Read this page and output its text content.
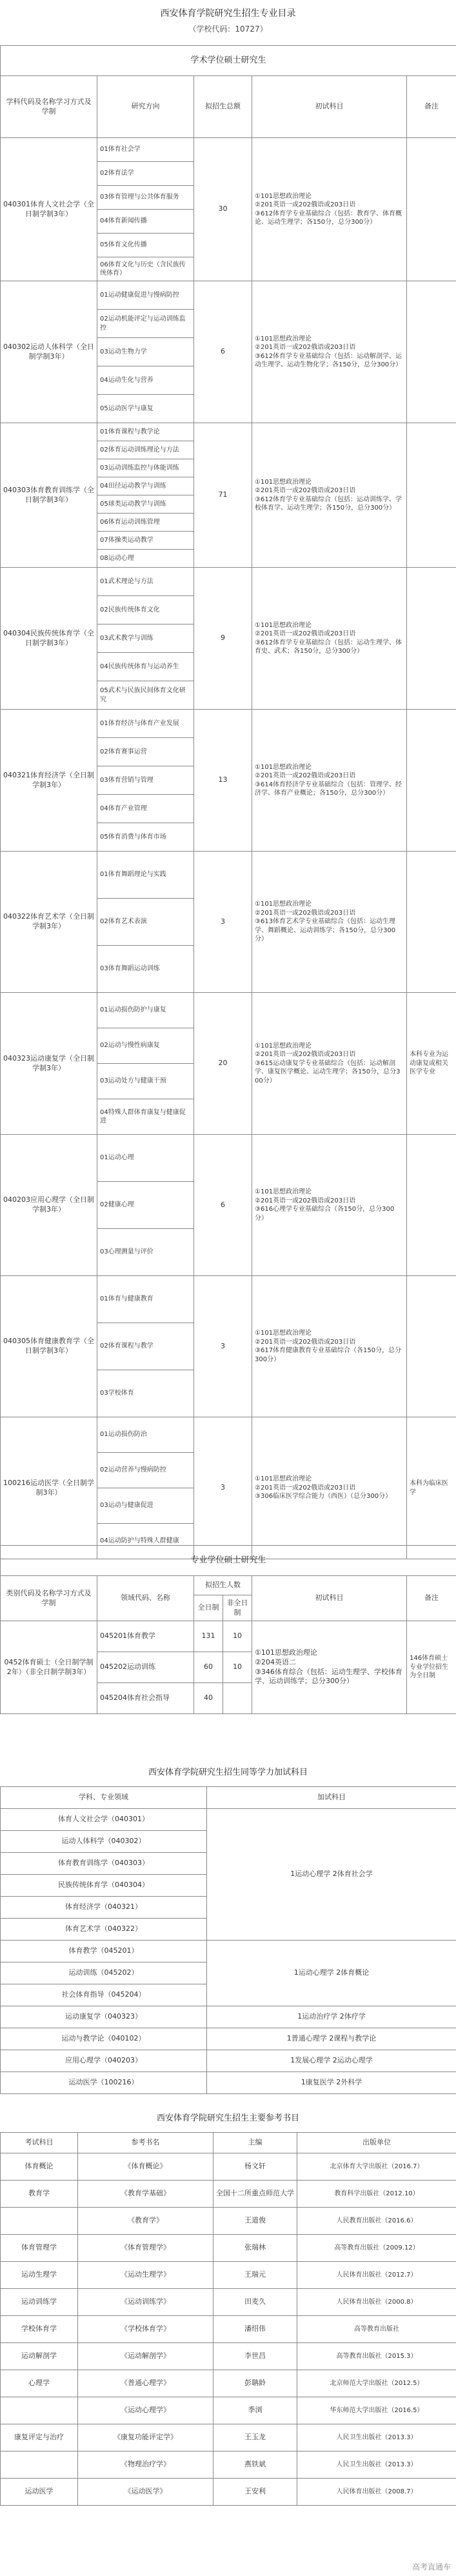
西安体育学院研究生招生专业目录
（学校代码：10727）
学术学位硕士研究生				
学科代码及名称学习方式及学制	研究方向	拟招生总额	初试科目	备注
040301体育人文社会学（全日制学制3年）	01体育社会学	30	①101思想政治理论
②201英语一或202俄语或203日语
③612体育学专业基础综合（包括：教育学、体育概论、运动生理学；各150分，总分300分）	

	02体育法学			
	03体育管理与公共体育服务			
	04体育新闻传播			
	05体育文化传播			
	06体育文化与历史（含民族传统体育）			
040302运动人体科学（全日制学制3年）	01运动健康促进与慢病防控	6	①101思想政治理论
②201英语一或202俄语或203日语
③612体育学专业基础综合（包括：运动解剖学、运动生理学、运动生物化学；各150分，总分300分）	

	02运动机能评定与运动训练监控			
	03运动生物力学			
	04运动生化与营养			
	05运动医学与康复			
040303体育教育训练学（全日制学制3年）	01体育课程与教学论	71	①101思想政治理论
②201英语一或202俄语或203日语
③612体育学专业基础综合（包括：运动训练学、学校体育学、运动生理学；各150分，总分300分）	

	02体育运动训练理论与方法			
	03运动训练监控与体能训练			
	04田径运动教学与训练			
	05球类运动教学与训练			
	06体育运动训练管理			
	07体操类运动教学			
	08运动心理			
040304民族传统体育学（全日制学制3年）	01武术理论与方法	9	①101思想政治理论
②201英语一或202俄语或203日语
③612体育学专业基础综合（包括：运动生理学、体育史、武术；各150分，总分300分）	

	02民族传统体育文化			
	03武术教学与训练			
	04民族传统体育与运动养生			
	05武术与民族民间体育文化研究			
040321体育经济学（全日制学制3年）	01体育经济与体育产业发展	13	①101思想政治理论
②201英语一或202俄语或203日语
③614体育经济学专业基础综合（包括：管理学、经济学、体育产业概论；各150分，总分300分）	

	02体育赛事运营			
	03体育营销与管理			
	04体育产业管理			
	05体育消费与体育市场			
040322体育艺术学（全日制学制3年）	01体育舞蹈理论与实践	3	①101思想政治理论
②201英语一或202俄语或203日语
③613体育艺术学专业基础综合（包括：运动生理学、舞蹈概论、运动训练学；各150分，总分300分）	

	02体育艺术表演			
	03体育舞蹈运动训练			
040323运动康复学（全日制学制3年）	01运动损伤防护与康复	20	①101思想政治理论
②201英语一或202俄语或203日语
③615运动康复学专业基础综合（包括：运动解剖学、康复医学概论、运动生理学；各150分，总分300分）	本科专业为运动康复或相关医学专业
	02运动与慢性病康复			
	03运动处方与健康干预			
	04特殊人群体育康复与健康促进			
040203应用心理学（全日制学制3年）	01运动心理	6	①101思想政治理论
②201英语一或202俄语或203日语
③616心理学专业基础综合（各150分，总分300分）	

	02健康心理			
	03心理测量与评价			
040305体育健康教育学（全日制学制3年）	01体育与健康教育	3	①101思想政治理论
②201英语一或202俄语或203日语
③617体育健康教育专业基础综合（各150分，总分300分）	

	02体育课程与教学			
	03学校体育			
100216运动医学（全日制学制3年）	01运动损伤防治	3	①101思想政治理论
②201英语一或202俄语或203日语
③306临床医学综合能力（西医）（总分300分）	本科为临床医学
	02运动营养与慢病防控			
	03运动与健康促进			
	04运动防护与特殊人群健康			
专业学位硕士研究生					
类别代码及名称学习方式及学制	领域代码、名称	拟招生人数		初试科目	备注
		全日制	非全日制		
0452体育硕士（全日制学制2年）（非全日制学制3年）	045201体育教学	131	10	①101思想政治理论
②204英语二
③346体育综合（包括：运动生理学、学校体育学、运动训练学；总分300分）	146体育硕士专业学位招生为全日制
	045202运动训练	60	10		
	045204体育社会指导	40			
西安体育学院研究生招生同等学力加试科目
学科、专业领域	加试科目
体育人文社会学（040301）	1运动心理学 2体育社会学
运动人体科学（040302）	
体育教育训练学（040303）	
民族传统体育学（040304）	
体育经济学（040321）	
体育艺术学（040322）	
体育教学（045201）	1运动心理学 2体育概论
运动训练（045202）	
社会体育指导（045204）	
运动康复学（040323）	1运动治疗学 2体疗学
运动与教学论（040102）	1普通心理学 2课程与教学论
应用心理学（040203）	1发展心理学 2运动心理学
运动医学（100216）	1康复医学 2外科学
西安体育学院研究生招生主要参考书目
考试科目	参考书名	主编	出版单位
体育概论	《体育概论》	杨文轩	北京体育大学出版社（2016.7）
教育学	《教育学基础》	全国十二所重点师范大学	教育科学出版社（2012.10）
	《教育学》	王道俊	人民教育出版社（2016.6）
体育管理学	《体育管理学》	张瑞林	高等教育出版社（2009.12）
运动生理学	《运动生理学》	王瑞元	人民体育出版社（2012.7）
运动训练学	《运动训练学》	田麦久	人民体育出版社（2000.8）
学校体育学	《学校体育学》	潘绍伟	高等教育出版社
运动解剖学	《运动解剖学》	李世昌	高等教育出版社（2015.3）
心理学	《普通心理学》	彭聃龄	北京师范大学出版社（2012.5）
	《运动心理学》	季浏	华东师范大学出版社（2016.5）
康复评定与治疗	《康复功能评定学》	王玉龙	人民卫生出版社（2013.3）
	《物理治疗学》	燕铁斌	人民卫生出版社（2013.3）
运动医学	《运动医学》	王安利	人民体育出版社（2008.7）
高考直通车
